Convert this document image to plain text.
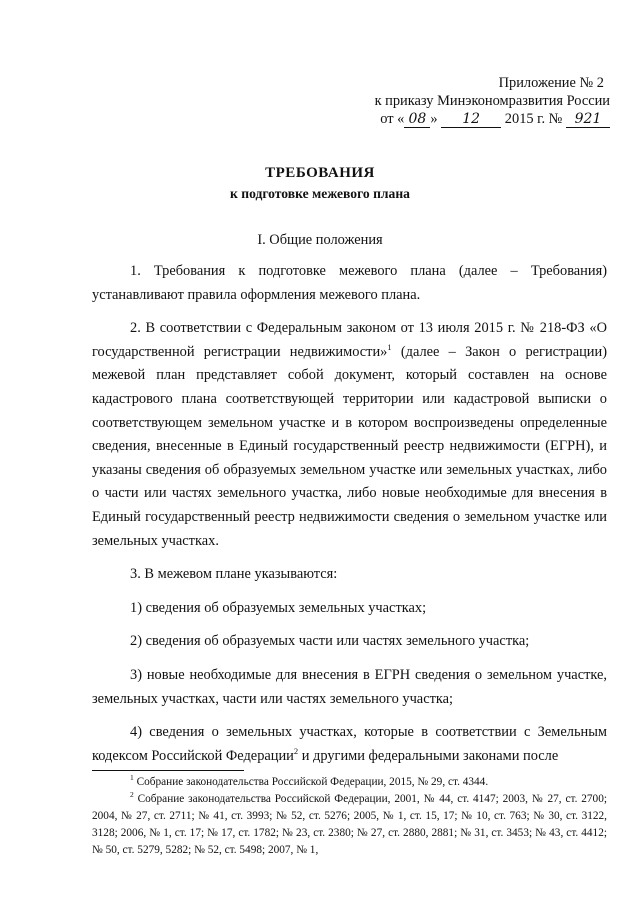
Приложение № 2
к приказу Минэкономразвития России
от « 08 » 12 2015 г. № 921
ТРЕБОВАНИЯ
к подготовке межевого плана
I. Общие положения

1. Требования к подготовке межевого плана (далее – Требования) устанавливают правила оформления межевого плана.

2. В соответствии с Федеральным законом от 13 июля 2015 г. № 218-ФЗ «О государственной регистрации недвижимости»$^1$ (далее – Закон о регистрации) межевой план представляет собой документ, который составлен на основе кадастрового плана соответствующей территории или кадастровой выписки о соответствующем земельном участке и в котором воспроизведены определенные сведения, внесенные в Единый государственный реестр недвижимости (ЕГРН), и указаны сведения об образуемых земельном участке или земельных участках, либо о части или частях земельного участка, либо новые необходимые для внесения в Единый государственный реестр недвижимости сведения о земельном участке или земельных участках.

3. В межевом плане указываются:

1) сведения об образуемых земельных участках;

2) сведения об образуемых части или частях земельного участка;

3) новые необходимые для внесения в ЕГРН сведения о земельном участке, земельных участках, части или частях земельного участка;

4) сведения о земельных участках, которые в соответствии с Земельным кодексом Российской Федерации$^2$ и другими федеральными законами после

$^1$ Собрание законодательства Российской Федерации, 2015, № 29, ст. 4344.

$^2$ Собрание законодательства Российской Федерации, 2001, № 44, ст. 4147; 2003, № 27, ст. 2700; 2004, № 27, ст. 2711; № 41, ст. 3993; № 52, ст. 5276; 2005, № 1, ст. 15, 17; № 10, ст. 763; № 30, ст. 3122, 3128; 2006, № 1, ст. 17; № 17, ст. 1782; № 23, ст. 2380; № 27, ст. 2880, 2881; № 31, ст. 3453; № 43, ст. 4412; № 50, ст. 5279, 5282; № 52, ст. 5498; 2007, № 1,
